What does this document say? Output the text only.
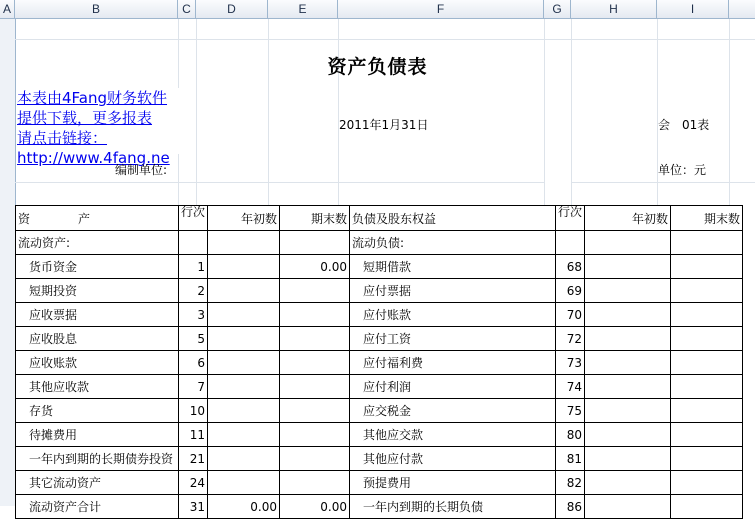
A	B	C	D	E	F	G	H	I
资产负债表
本表由4Fang财务软件
提供下载，更多报表
请点击链接：
http://www.4fang.ne
2011年1月31日	会 01表
编制单位:	单位：元
资　　　　产	行次	年初数	期末数	负债及股东权益	行次	年初数	期末数
流动资产:				流动负债:			
货币资金	1		0.00	短期借款	68		
短期投资	2			应付票据	69		
应收票据	3			应付账款	70		
应收股息	5			应付工资	72		
应收账款	6			应付福利费	73		
其他应收款	7			应付利润	74		
存货	10			应交税金	75		
待摊费用	11			其他应交款	80		
一年内到期的长期债券投资	21			其他应付款	81		
其它流动资产	24			预提费用	82		
流动资产合计	31	0.00	0.00	一年内到期的长期负债	86		
